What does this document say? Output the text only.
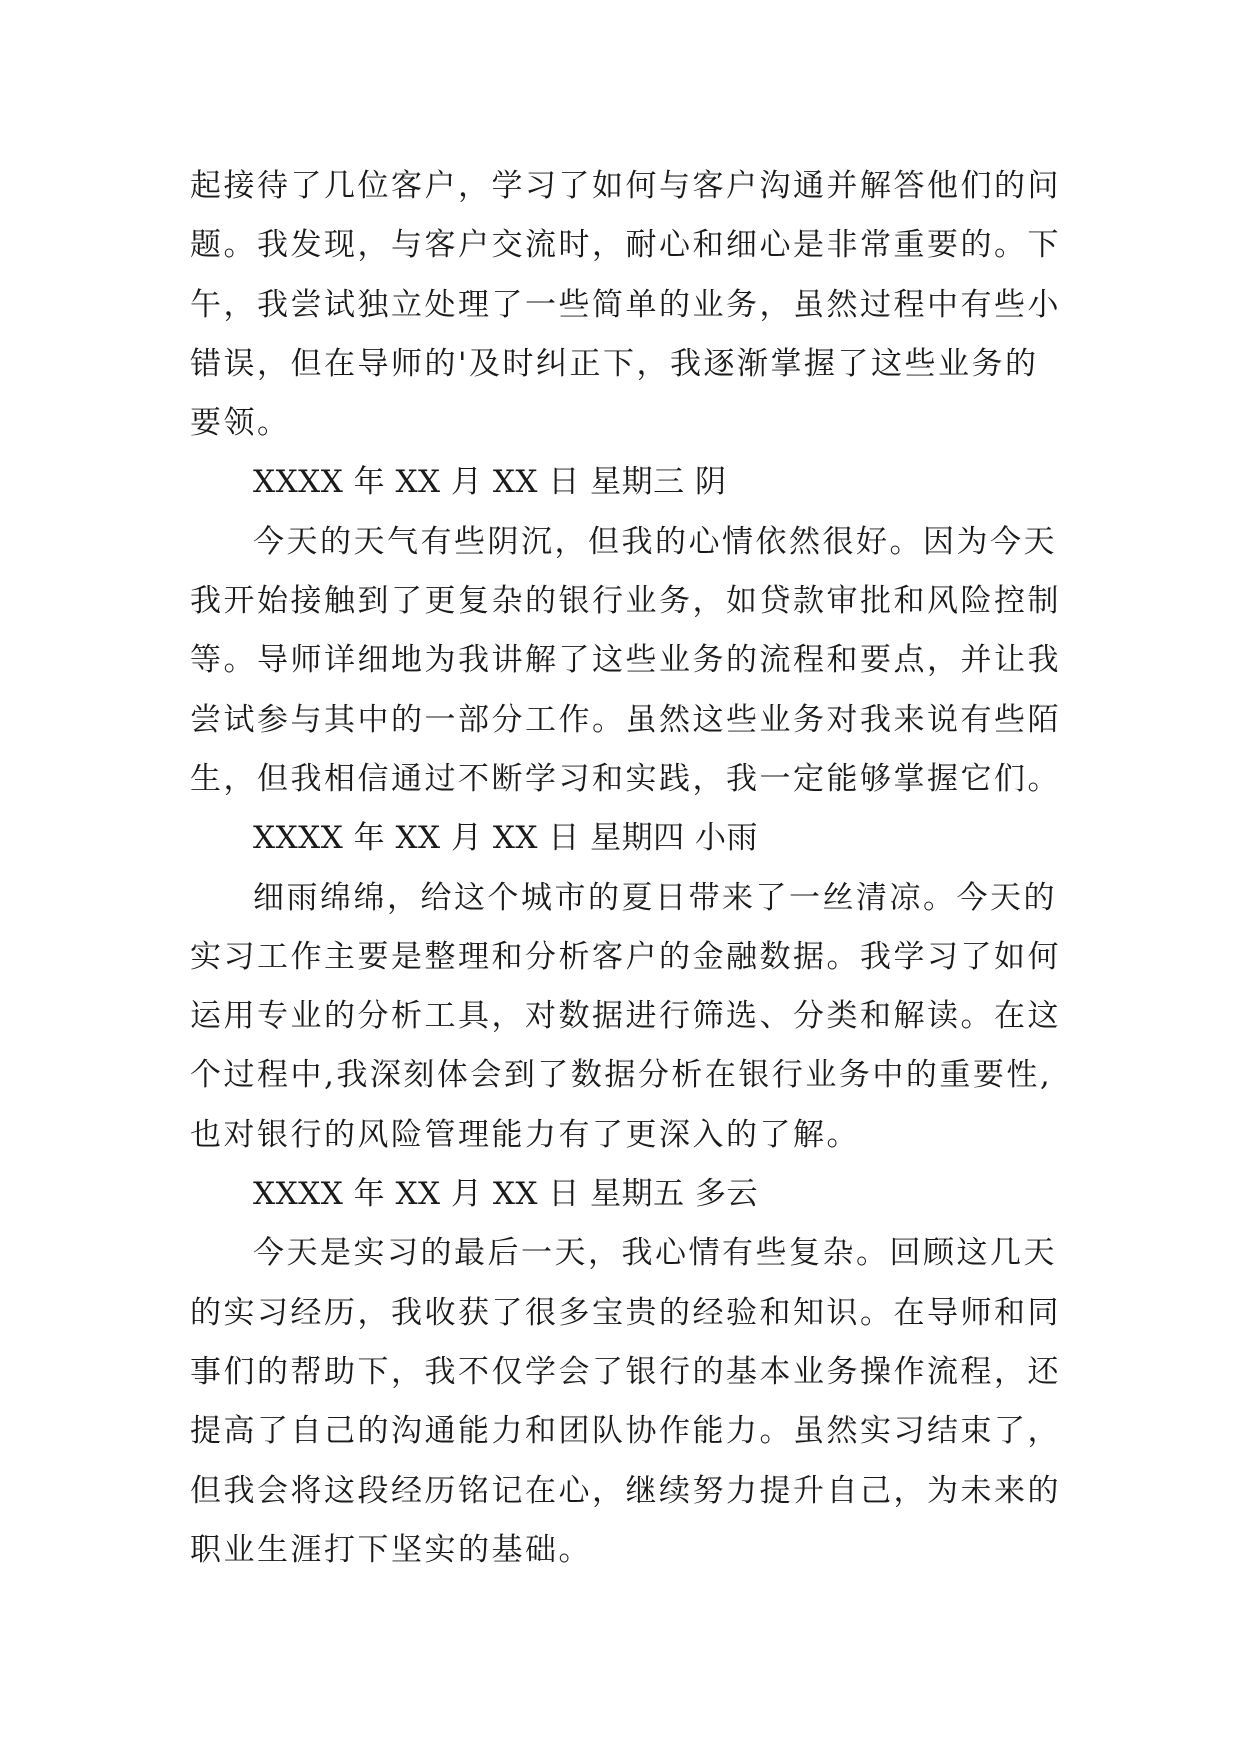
起接待了几位客户，学习了如何与客户沟通并解答他们的问
题。我发现，与客户交流时，耐心和细心是非常重要的。下
午，我尝试独立处理了一些简单的业务，虽然过程中有些小
错误，但在导师的'及时纠正下，我逐渐掌握了这些业务的
要领。
XXXX 年 XX 月 XX 日 星期三 阴
今天的天气有些阴沉，但我的心情依然很好。因为今天
我开始接触到了更复杂的银行业务，如贷款审批和风险控制
等。导师详细地为我讲解了这些业务的流程和要点，并让我
尝试参与其中的一部分工作。虽然这些业务对我来说有些陌
生，但我相信通过不断学习和实践，我一定能够掌握它们。
XXXX 年 XX 月 XX 日 星期四 小雨
细雨绵绵，给这个城市的夏日带来了一丝清凉。今天的
实习工作主要是整理和分析客户的金融数据。我学习了如何
运用专业的分析工具，对数据进行筛选、分类和解读。在这
个过程中,我深刻体会到了数据分析在银行业务中的重要性,
也对银行的风险管理能力有了更深入的了解。
XXXX 年 XX 月 XX 日 星期五 多云
今天是实习的最后一天，我心情有些复杂。回顾这几天
的实习经历，我收获了很多宝贵的经验和知识。在导师和同
事们的帮助下，我不仅学会了银行的基本业务操作流程，还
提高了自己的沟通能力和团队协作能力。虽然实习结束了，
但我会将这段经历铭记在心，继续努力提升自己，为未来的
职业生涯打下坚实的基础。
